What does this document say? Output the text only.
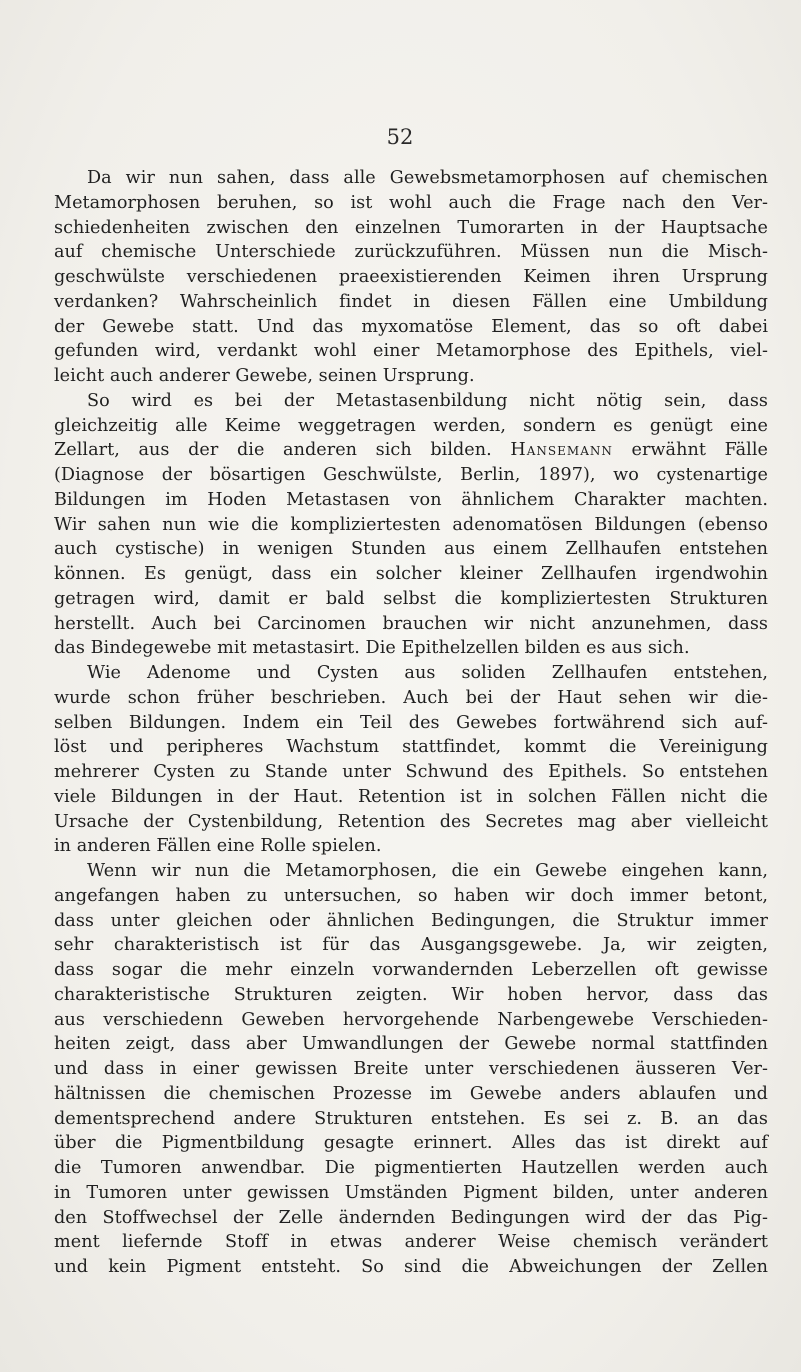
52
Da wir nun sahen, dass alle Gewebsmetamorphosen auf chemischen
Metamorphosen beruhen, so ist wohl auch die Frage nach den Ver-
schiedenheiten zwischen den einzelnen Tumorarten in der Hauptsache
auf chemische Unterschiede zurückzuführen. Müssen nun die Misch-
geschwülste verschiedenen praeexistierenden Keimen ihren Ursprung
verdanken? Wahrscheinlich findet in diesen Fällen eine Umbildung
der Gewebe statt. Und das myxomatöse Element, das so oft dabei
gefunden wird, verdankt wohl einer Metamorphose des Epithels, viel-
leicht auch anderer Gewebe, seinen Ursprung.
So wird es bei der Metastasenbildung nicht nötig sein, dass
gleichzeitig alle Keime weggetragen werden, sondern es genügt eine
Zellart, aus der die anderen sich bilden. Hansemann erwähnt Fälle
(Diagnose der bösartigen Geschwülste, Berlin, 1897), wo cystenartige
Bildungen im Hoden Metastasen von ähnlichem Charakter machten.
Wir sahen nun wie die kompliziertesten adenomatösen Bildungen (ebenso
auch cystische) in wenigen Stunden aus einem Zellhaufen entstehen
können. Es genügt, dass ein solcher kleiner Zellhaufen irgendwohin
getragen wird, damit er bald selbst die kompliziertesten Strukturen
herstellt. Auch bei Carcinomen brauchen wir nicht anzunehmen, dass
das Bindegewebe mit metastasirt. Die Epithelzellen bilden es aus sich.
Wie Adenome und Cysten aus soliden Zellhaufen entstehen,
wurde schon früher beschrieben. Auch bei der Haut sehen wir die-
selben Bildungen. Indem ein Teil des Gewebes fortwährend sich auf-
löst und peripheres Wachstum stattfindet, kommt die Vereinigung
mehrerer Cysten zu Stande unter Schwund des Epithels. So entstehen
viele Bildungen in der Haut. Retention ist in solchen Fällen nicht die
Ursache der Cystenbildung, Retention des Secretes mag aber vielleicht
in anderen Fällen eine Rolle spielen.
Wenn wir nun die Metamorphosen, die ein Gewebe eingehen kann,
angefangen haben zu untersuchen, so haben wir doch immer betont,
dass unter gleichen oder ähnlichen Bedingungen, die Struktur immer
sehr charakteristisch ist für das Ausgangsgewebe. Ja, wir zeigten,
dass sogar die mehr einzeln vorwandernden Leberzellen oft gewisse
charakteristische Strukturen zeigten. Wir hoben hervor, dass das
aus verschiedenn Geweben hervorgehende Narbengewebe Verschieden-
heiten zeigt, dass aber Umwandlungen der Gewebe normal stattfinden
und dass in einer gewissen Breite unter verschiedenen äusseren Ver-
hältnissen die chemischen Prozesse im Gewebe anders ablaufen und
dementsprechend andere Strukturen entstehen. Es sei z. B. an das
über die Pigmentbildung gesagte erinnert. Alles das ist direkt auf
die Tumoren anwendbar. Die pigmentierten Hautzellen werden auch
in Tumoren unter gewissen Umständen Pigment bilden, unter anderen
den Stoffwechsel der Zelle ändernden Bedingungen wird der das Pig-
ment liefernde Stoff in etwas anderer Weise chemisch verändert
und kein Pigment entsteht. So sind die Abweichungen der Zellen
